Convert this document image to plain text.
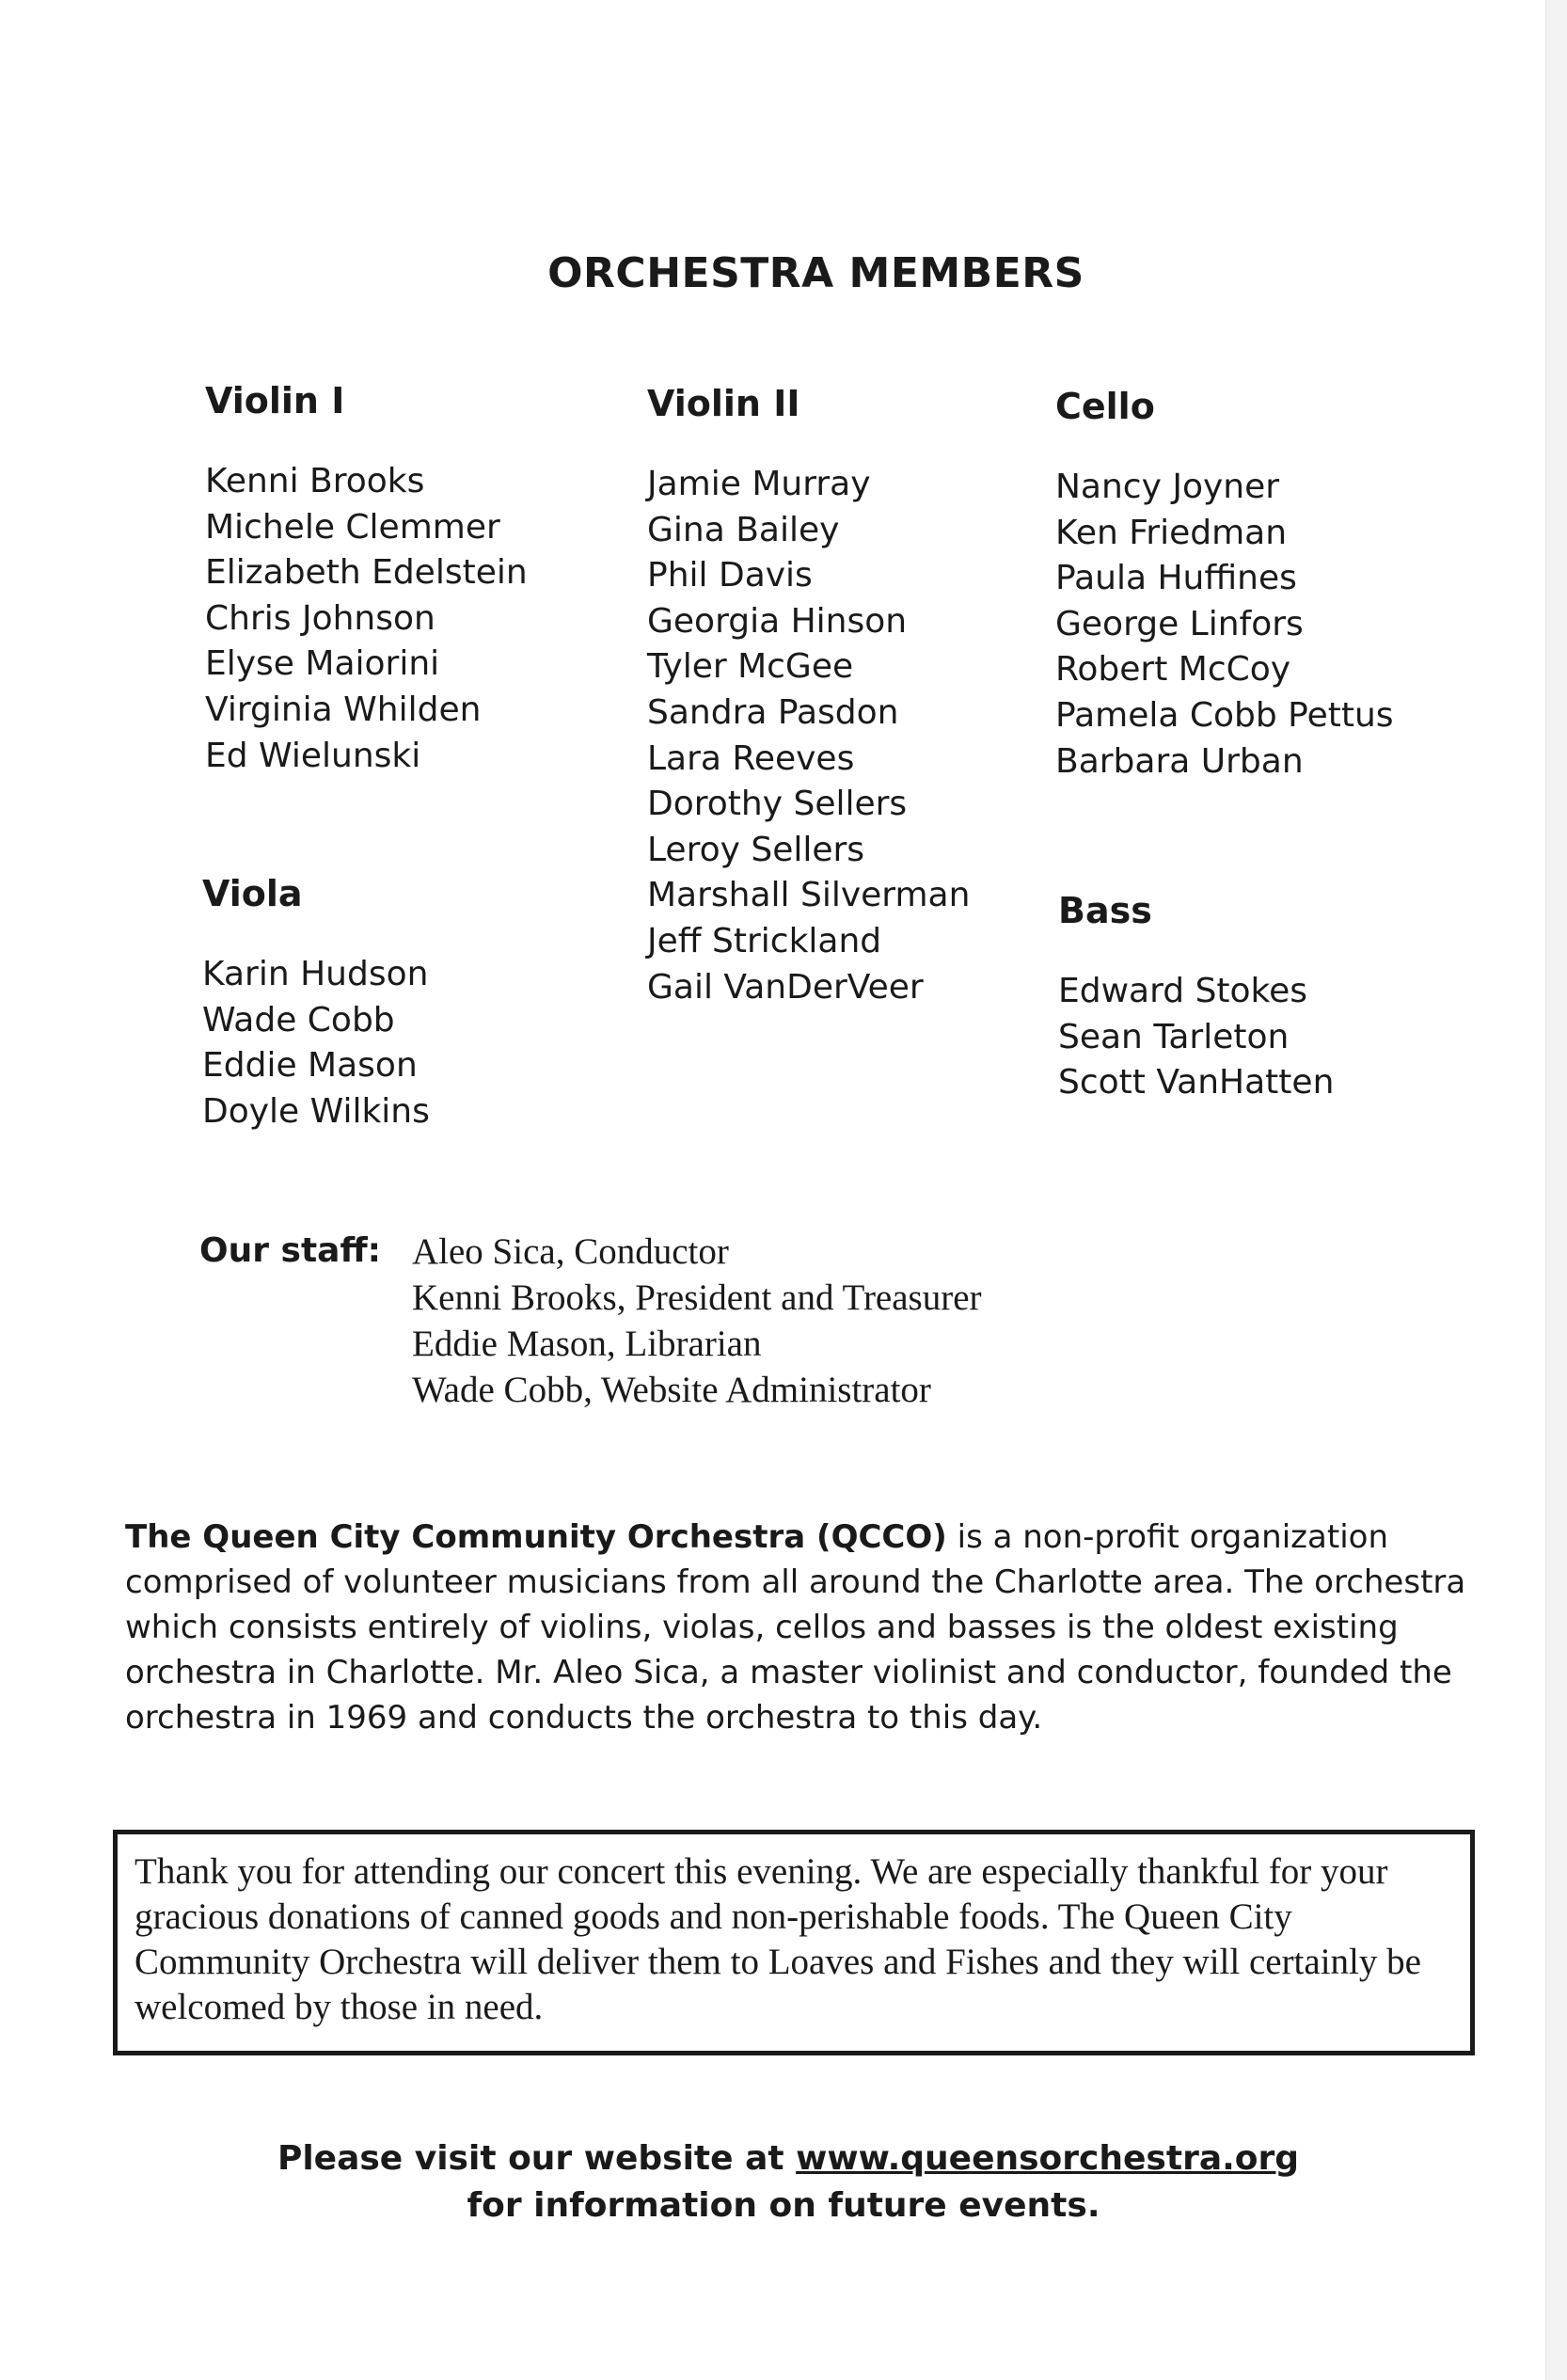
ORCHESTRA MEMBERS
Violin I
Kenni Brooks
Michele Clemmer
Elizabeth Edelstein
Chris Johnson
Elyse Maiorini
Virginia Whilden
Ed Wielunski
Violin II
Jamie Murray
Gina Bailey
Phil Davis
Georgia Hinson
Tyler McGee
Sandra Pasdon
Lara Reeves
Dorothy Sellers
Leroy Sellers
Marshall Silverman
Jeff Strickland
Gail VanDerVeer
Cello
Nancy Joyner
Ken Friedman
Paula Huffines
George Linfors
Robert McCoy
Pamela Cobb Pettus
Barbara Urban
Viola
Karin Hudson
Wade Cobb
Eddie Mason
Doyle Wilkins
Bass
Edward Stokes
Sean Tarleton
Scott VanHatten
Our staff: Aleo Sica, Conductor
Kenni Brooks, President and Treasurer
Eddie Mason, Librarian
Wade Cobb, Website Administrator

The Queen City Community Orchestra (QCCO) is a non-profit organization comprised of volunteer musicians from all around the Charlotte area. The orchestra which consists entirely of violins, violas, cellos and basses is the oldest existing orchestra in Charlotte. Mr. Aleo Sica, a master violinist and conductor, founded the orchestra in 1969 and conducts the orchestra to this day.

Thank you for attending our concert this evening. We are especially thankful for your gracious donations of canned goods and non-perishable foods. The Queen City Community Orchestra will deliver them to Loaves and Fishes and they will certainly be welcomed by those in need.

Please visit our website at www.queensorchestra.org
for information on future events.
